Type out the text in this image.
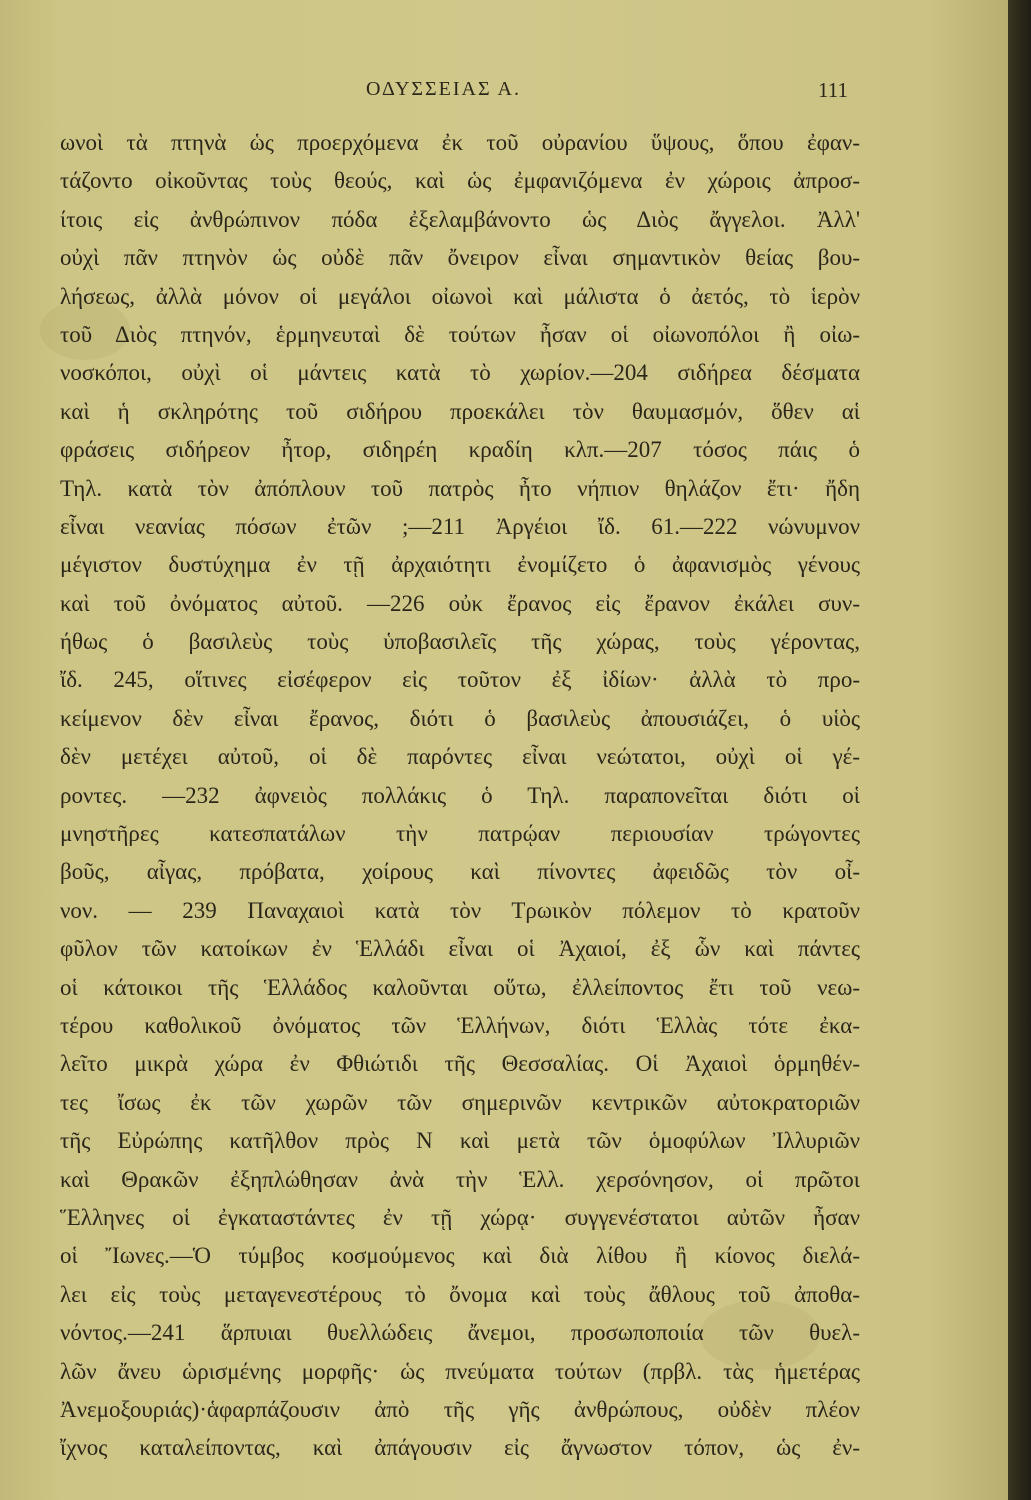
ΟΔΥΣΣΕΙΑΣ Α.	111
ωνοὶ τὰ πτηνὰ ὡς προερχόμενα ἐκ τοῦ οὐρανίου ὕψους, ὅπου ἐφαν-
τάζοντο οἰκοῦντας τοὺς θεούς, καὶ ὡς ἐμφανιζόμενα ἐν χώροις ἀπροσ-
ίτοις εἰς ἀνθρώπινον πόδα ἐξελαμβάνοντο ὡς Διὸς ἄγγελοι. Ἀλλ'
οὐχὶ πᾶν πτηνὸν ὡς οὐδὲ πᾶν ὄνειρον εἶναι σημαντικὸν θείας βου-
λήσεως, ἀλλὰ μόνον οἱ μεγάλοι οἰωνοὶ καὶ μάλιστα ὁ ἀετός, τὸ ἱερὸν
τοῦ Διὸς πτηνόν, ἑρμηνευταὶ δὲ τούτων ἦσαν οἱ οἰωνοπόλοι ἢ οἰω-
νοσκόποι, οὐχὶ οἱ μάντεις κατὰ τὸ χωρίον.—204 σιδήρεα δέσματα
καὶ ἡ σκληρότης τοῦ σιδήρου προεκάλει τὸν θαυμασμόν, ὅθεν αἱ
φράσεις σιδήρεον ἦτορ, σιδηρέη κραδίη κλπ.—207 τόσος πάις ὁ
Τηλ. κατὰ τὸν ἀπόπλουν τοῦ πατρὸς ἦτο νήπιον θηλάζον ἔτι· ἤδη
εἶναι νεανίας πόσων ἐτῶν ;—211 Ἀργέιοι ἴδ. 61.—222 νώνυμνον
μέγιστον δυστύχημα ἐν τῇ ἀρχαιότητι ἐνομίζετο ὁ ἀφανισμὸς γένους
καὶ τοῦ ὀνόματος αὐτοῦ. —226 οὐκ ἔρανος εἰς ἔρανον ἐκάλει συν-
ήθως ὁ βασιλεὺς τοὺς ὑποβασιλεῖς τῆς χώρας, τοὺς γέροντας,
ἴδ. 245, οἵτινες εἰσέφερον εἰς τοῦτον ἐξ ἰδίων· ἀλλὰ τὸ προ-
κείμενον δὲν εἶναι ἔρανος, διότι ὁ βασιλεὺς ἀπουσιάζει, ὁ υἱὸς
δὲν μετέχει αὐτοῦ, οἱ δὲ παρόντες εἶναι νεώτατοι, οὐχὶ οἱ γέ-
ροντες. —232 ἀφνειὸς πολλάκις ὁ Τηλ. παραπονεῖται διότι οἱ
μνηστῆρες κατεσπατάλων τὴν πατρῴαν περιουσίαν τρώγοντες
βοῦς, αἶγας, πρόβατα, χοίρους καὶ πίνοντες ἀφειδῶς τὸν οἶ-
νον. — 239 Παναχαιοὶ κατὰ τὸν Τρωικὸν πόλεμον τὸ κρατοῦν
φῦλον τῶν κατοίκων ἐν Ἑλλάδι εἶναι οἱ Ἀχαιοί, ἐξ ὧν καὶ πάντες
οἱ κάτοικοι τῆς Ἑλλάδος καλοῦνται οὕτω, ἐλλείποντος ἔτι τοῦ νεω-
τέρου καθολικοῦ ὀνόματος τῶν Ἑλλήνων, διότι Ἑλλὰς τότε ἐκα-
λεῖτο μικρὰ χώρα ἐν Φθιώτιδι τῆς Θεσσαλίας. Οἱ Ἀχαιοὶ ὁρμηθέν-
τες ἴσως ἐκ τῶν χωρῶν τῶν σημερινῶν κεντρικῶν αὐτοκρατοριῶν
τῆς Εὐρώπης κατῆλθον πρὸς Ν καὶ μετὰ τῶν ὁμοφύλων Ἰλλυριῶν
καὶ Θρακῶν ἐξηπλώθησαν ἀνὰ τὴν Ἑλλ. χερσόνησον, οἱ πρῶτοι
Ἕλληνες οἱ ἐγκαταστάντες ἐν τῇ χώρᾳ· συγγενέστατοι αὐτῶν ἦσαν
οἱ Ἴωνες.—Ὁ τύμβος κοσμούμενος καὶ διὰ λίθου ἢ κίονος διελά-
λει εἰς τοὺς μεταγενεστέρους τὸ ὄνομα καὶ τοὺς ἄθλους τοῦ ἀποθα-
νόντος.—241 ἅρπυιαι θυελλώδεις ἄνεμοι, προσωποποιία τῶν θυελ-
λῶν ἄνευ ὡρισμένης μορφῆς· ὡς πνεύματα τούτων (πρβλ. τὰς ἡμετέρας
Ἀνεμοξουριάς)·ἁφαρπάζουσιν ἀπὸ τῆς γῆς ἀνθρώπους, οὐδὲν πλέον
ἴχνος καταλείποντας, καὶ ἀπάγουσιν εἰς ἄγνωστον τόπον, ὡς ἐν-
